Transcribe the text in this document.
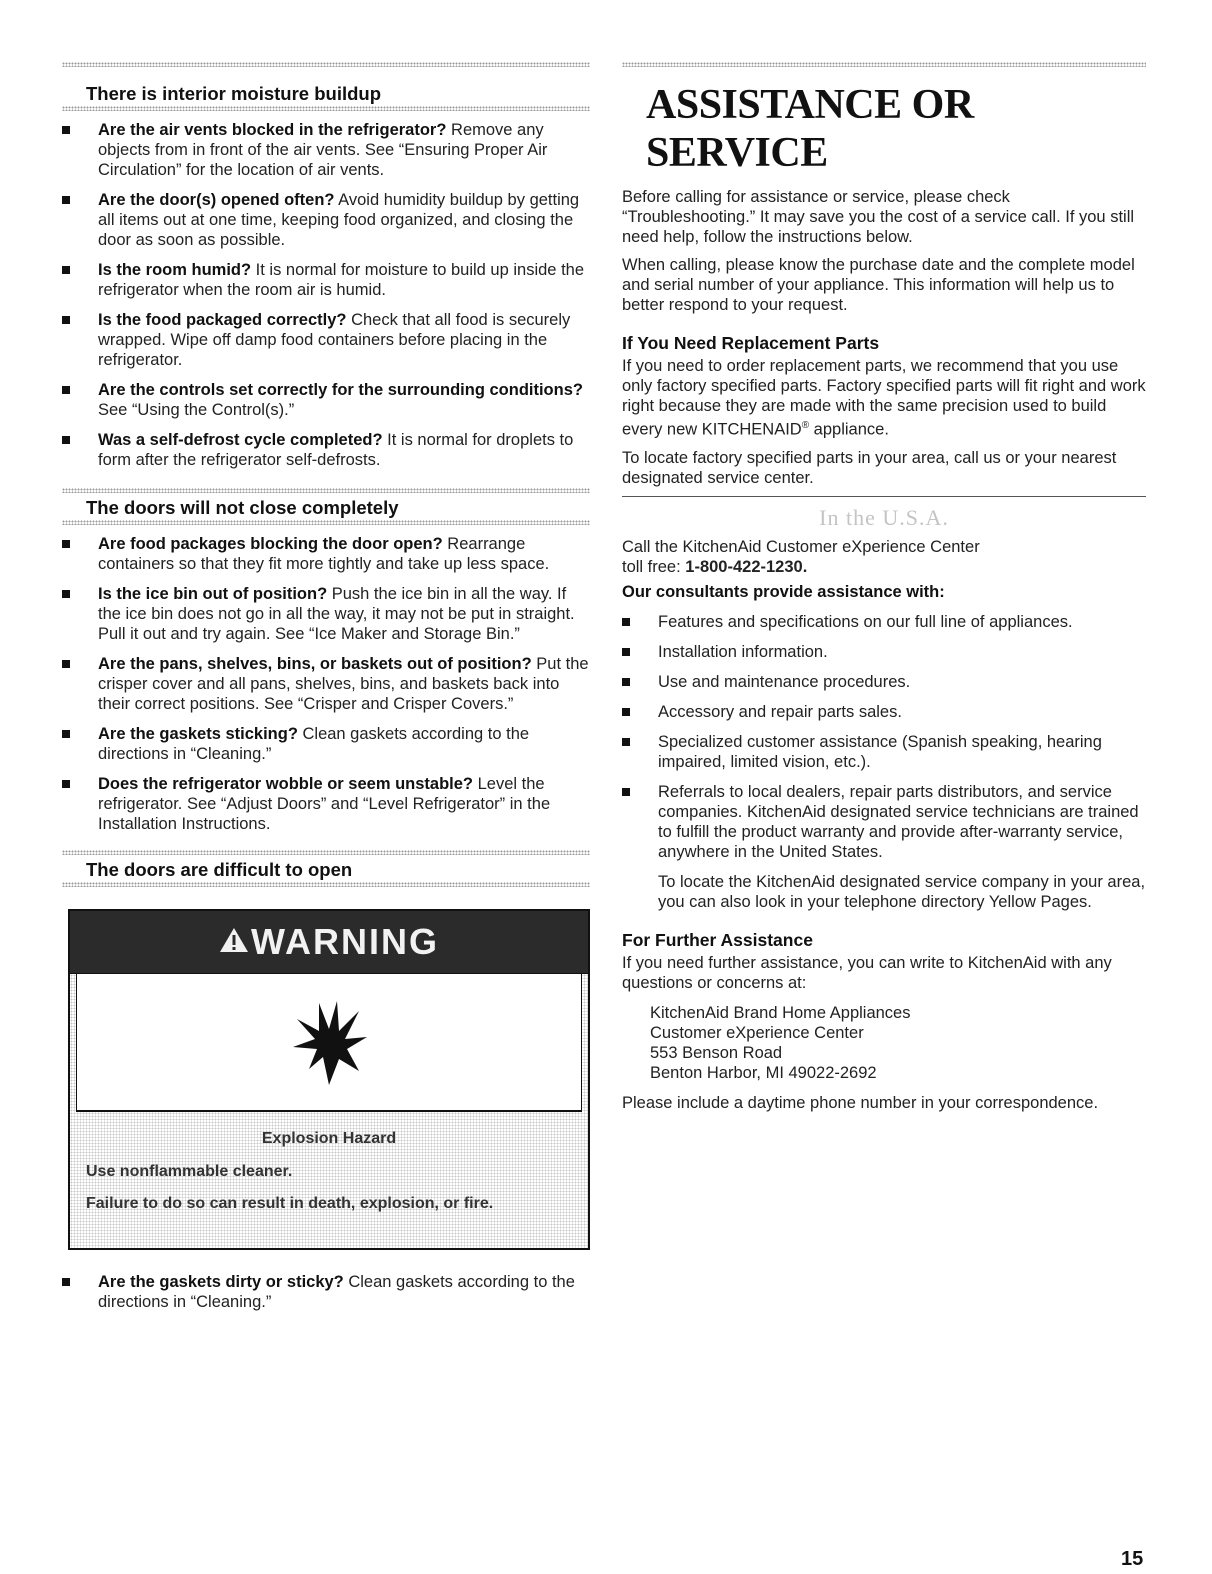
There is interior moisture buildup
Are the air vents blocked in the refrigerator? Remove any objects from in front of the air vents. See “Ensuring Proper Air Circulation” for the location of air vents.
Are the door(s) opened often? Avoid humidity buildup by getting all items out at one time, keeping food organized, and closing the door as soon as possible.
Is the room humid? It is normal for moisture to build up inside the refrigerator when the room air is humid.
Is the food packaged correctly? Check that all food is securely wrapped. Wipe off damp food containers before placing in the refrigerator.
Are the controls set correctly for the surrounding conditions? See “Using the Control(s).”
Was a self-defrost cycle completed? It is normal for droplets to form after the refrigerator self-defrosts.
The doors will not close completely
Are food packages blocking the door open? Rearrange containers so that they fit more tightly and take up less space.
Is the ice bin out of position? Push the ice bin in all the way. If the ice bin does not go in all the way, it may not be put in straight. Pull it out and try again. See “Ice Maker and Storage Bin.”
Are the pans, shelves, bins, or baskets out of position? Put the crisper cover and all pans, shelves, bins, and baskets back into their correct positions. See “Crisper and Crisper Covers.”
Are the gaskets sticking? Clean gaskets according to the directions in “Cleaning.”
Does the refrigerator wobble or seem unstable? Level the refrigerator. See “Adjust Doors” and “Level Refrigerator” in the Installation Instructions.
The doors are difficult to open
WARNING
Explosion Hazard

Use nonflammable cleaner.

Failure to do so can result in death, explosion, or fire.

Are the gaskets dirty or sticky? Clean gaskets according to the directions in “Cleaning.”
ASSISTANCE OR SERVICE

Before calling for assistance or service, please check “Troubleshooting.” It may save you the cost of a service call. If you still need help, follow the instructions below.

When calling, please know the purchase date and the complete model and serial number of your appliance. This information will help us to better respond to your request.

If You Need Replacement Parts

If you need to order replacement parts, we recommend that you use only factory specified parts. Factory specified parts will fit right and work right because they are made with the same precision used to build every new KITCHENAID® appliance.

To locate factory specified parts in your area, call us or your nearest designated service center.

In the U.S.A.

Call the KitchenAid Customer eXperience Center
toll free: 1-800-422-1230.

Our consultants provide assistance with:
Features and specifications on our full line of appliances.
Installation information.
Use and maintenance procedures.
Accessory and repair parts sales.
Specialized customer assistance (Spanish speaking, hearing impaired, limited vision, etc.).
Referrals to local dealers, repair parts distributors, and service companies. KitchenAid designated service technicians are trained to fulfill the product warranty and provide after-warranty service, anywhere in the United States.

To locate the KitchenAid designated service company in your area, you can also look in your telephone directory Yellow Pages.

For Further Assistance

If you need further assistance, you can write to KitchenAid with any questions or concerns at:

KitchenAid Brand Home Appliances
Customer eXperience Center
553 Benson Road
Benton Harbor, MI 49022-2692

Please include a daytime phone number in your correspondence.

15
